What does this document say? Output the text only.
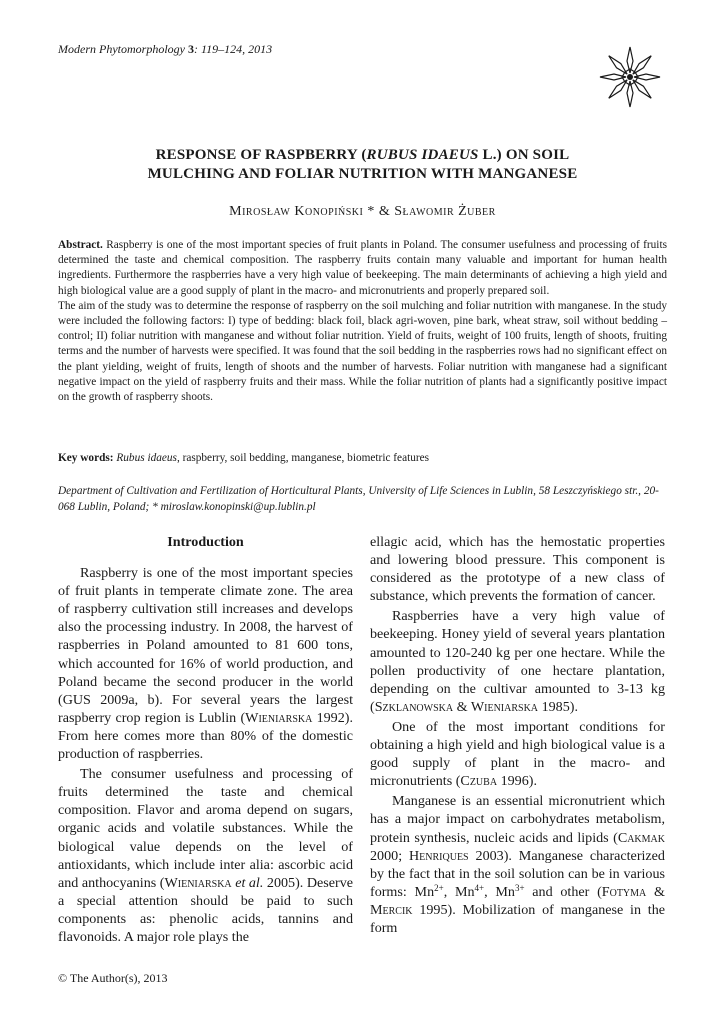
Modern Phytomorphology 3: 119–124, 2013
RESPONSE OF RASPBERRY (RUBUS IDAEUS L.) ON SOIL
MULCHING AND FOLIAR NUTRITION WITH MANGANESE
Mirosław Konopiński * & Sławomir Żuber

Abstract. Raspberry is one of the most important species of fruit plants in Poland. The consumer usefulness and processing of fruits determined the taste and chemical composition. The raspberry fruits contain many valuable and important for human health ingredients. Furthermore the raspberries have a very high value of beekeeping. The main determinants of achieving a high yield and high biological value are a good supply of plant in the macro- and micronutrients and properly prepared soil.

The aim of the study was to determine the response of raspberry on the soil mulching and foliar nutrition with manganese. In the study were included the following factors: I) type of bedding: black foil, black agri-woven, pine bark, wheat straw, soil without bedding – control; II) foliar nutrition with manganese and without foliar nutrition. Yield of fruits, weight of 100 fruits, length of shoots, fruiting terms and the number of harvests were specified. It was found that the soil bedding in the raspberries rows had no significant effect on the plant yielding, weight of fruits, length of shoots and the number of harvests. Foliar nutrition with manganese had a significant negative impact on the yield of raspberry fruits and their mass. While the foliar nutrition of plants had a significantly positive impact on the growth of raspberry shoots.

Key words: Rubus idaeus, raspberry, soil bedding, manganese, biometric features
Department of Cultivation and Fertilization of Horticultural Plants, University of Life Sciences in Lublin, 58 Leszczyńskiego str., 20-068 Lublin, Poland; * miroslaw.konopinski@up.lublin.pl
Introduction

Raspberry is one of the most important species of fruit plants in temperate climate zone. The area of raspberry cultivation still increases and develops also the processing industry. In 2008, the harvest of raspberries in Poland amounted to 81 600 tons, which accounted for 16% of world production, and Poland became the second producer in the world (GUS 2009a, b). For several years the largest raspberry crop region is Lublin (Wieniarska 1992). From here comes more than 80% of the domestic production of raspberries.

The consumer usefulness and processing of fruits determined the taste and chemical composition. Flavor and aroma depend on sugars, organic acids and volatile substances. While the biological value depends on the level of antioxidants, which include inter alia: ascorbic acid and anthocyanins (Wieniarska et al. 2005). Deserve a special attention should be paid to such components as: phenolic acids, tannins and flavonoids. A major role plays the

ellagic acid, which has the hemostatic properties and lowering blood pressure. This component is considered as the prototype of a new class of substance, which prevents the formation of cancer.

Raspberries have a very high value of beekeeping. Honey yield of several years plantation amounted to 120-240 kg per one hectare. While the pollen productivity of one hectare plantation, depending on the cultivar amounted to 3-13 kg (Szklanowska & Wieniarska 1985).

One of the most important conditions for obtaining a high yield and high biological value is a good supply of plant in the macro- and micronutrients (Czuba 1996).

Manganese is an essential micronutrient which has a major impact on carbohydrates metabolism, protein synthesis, nucleic acids and lipids (Cakmak 2000; Henriques 2003). Manganese characterized by the fact that in the soil solution can be in various forms: $Mn^{2+}$, $Mn^{4+}$, $Mn^{3+}$ and other (Fotyma & Mercik 1995). Mobilization of manganese in the form

© The Author(s), 2013
